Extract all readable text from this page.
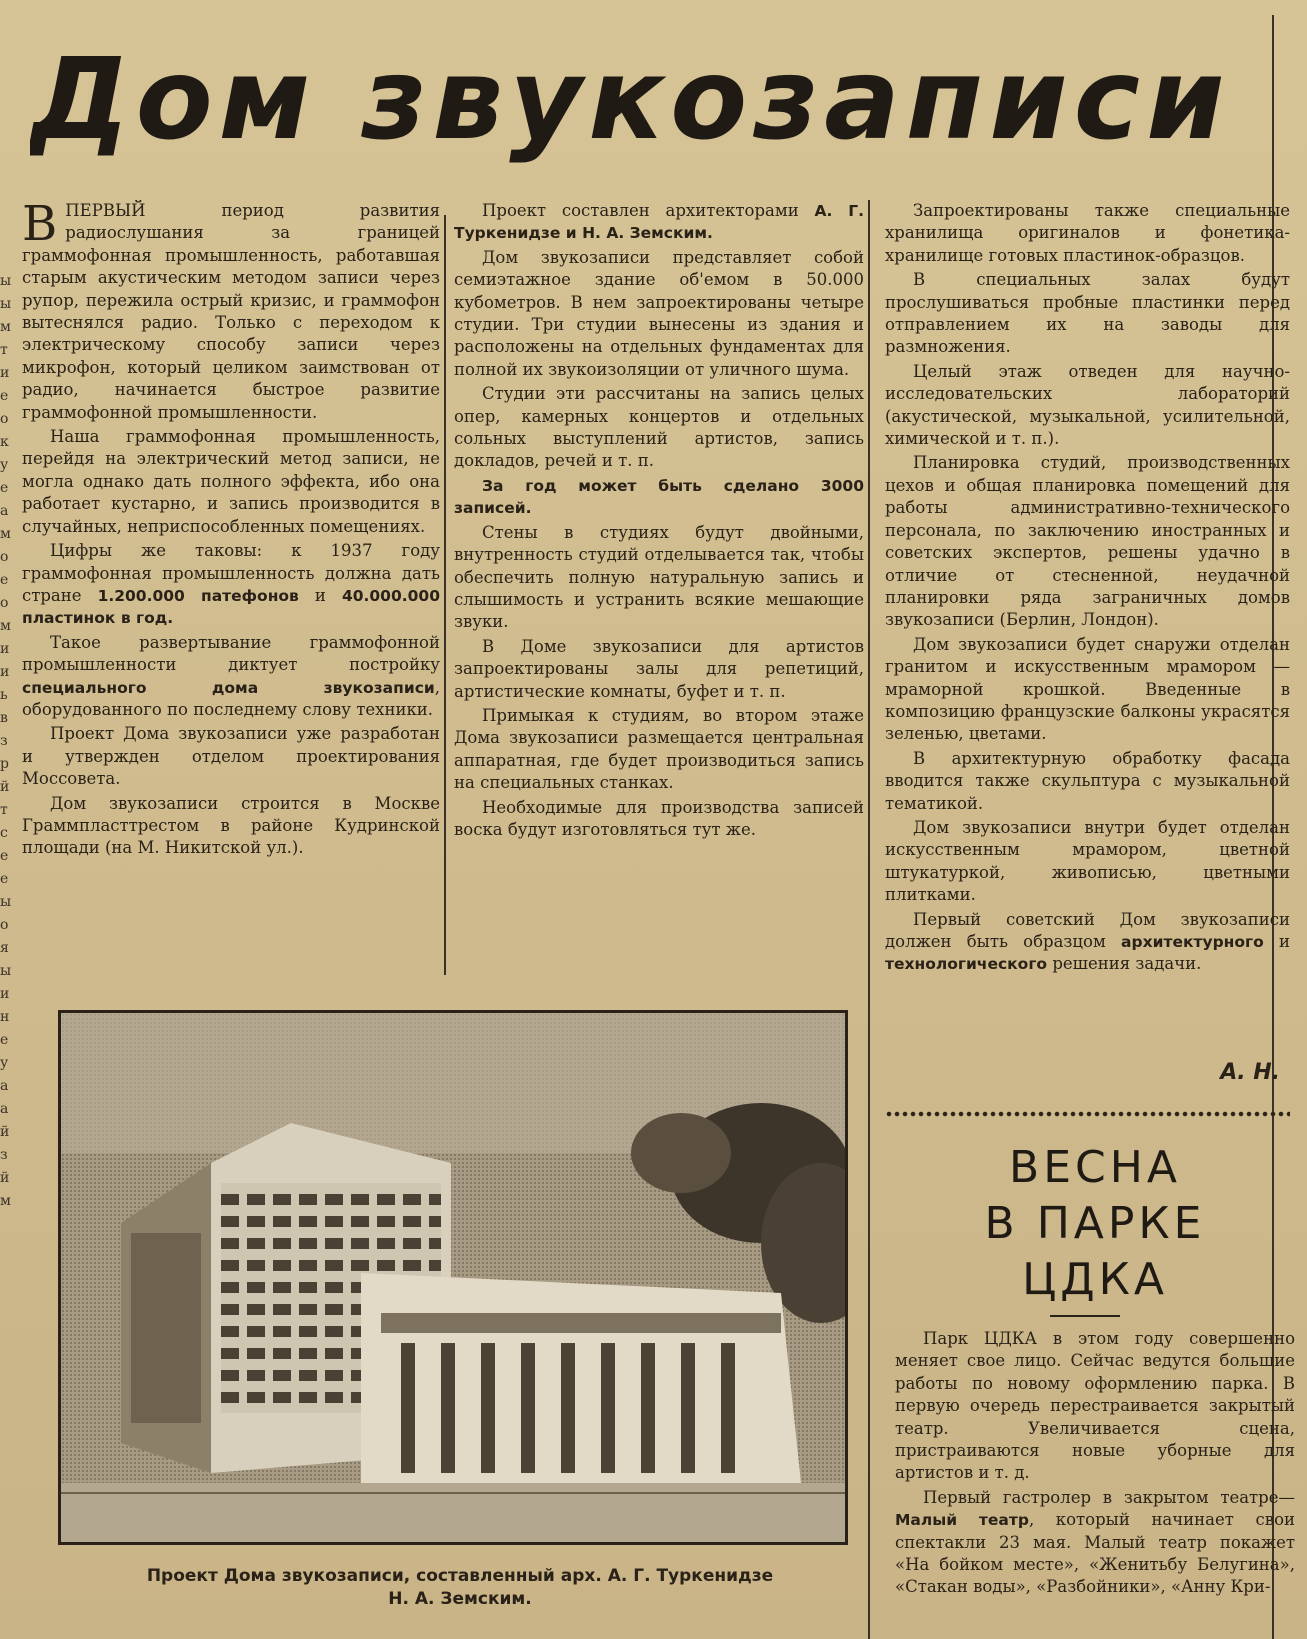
ы ы м т и е о к у е а м о е о м и и ь в з р й т с е е ы о я ы и н е у а а й з й м
Дом звукозаписи

ВПЕРВЫЙ период развития радиослушания за границей граммофонная промышленность, работавшая старым акустическим методом записи через рупор, пережила острый кризис, и граммофон вытеснялся радио. Только с переходом к электрическому способу записи через микрофон, который целиком заимствован от радио, начинается быстрое развитие граммофонной промышленности.

Наша граммофонная промышленность, перейдя на электрический метод записи, не могла однако дать полного эффекта, ибо она работает кустарно, и запись производится в случайных, неприспособленных помещениях.

Цифры же таковы: к 1937 году граммофонная промышленность должна дать стране 1.200.000 патефонов и 40.000.000 пластинок в год.

Такое развертывание граммофонной промышленности диктует постройку специального дома звукозаписи, оборудованного по последнему слову техники.

Проект Дома звукозаписи уже разработан и утвержден отделом проектирования Моссовета.

Дом звукозаписи строится в Москве Граммпласттрестом в районе Кудринской площади (на М. Никитской ул.).

Проект составлен архитекторами А. Г. Туркенидзе и Н. А. Земским.

Дом звукозаписи представляет собой семиэтажное здание об'емом в 50.000 кубометров. В нем запроектированы четыре студии. Три студии вынесены из здания и расположены на отдельных фундаментах для полной их звукоизоляции от уличного шума.

Студии эти рассчитаны на запись целых опер, камерных концертов и отдельных сольных выступлений артистов, запись докладов, речей и т. п.

За год может быть сделано 3000 записей.

Стены в студиях будут двойными, внутренность студий отделывается так, чтобы обеспечить полную натуральную запись и слышимость и устранить всякие мешающие звуки.

В Доме звукозаписи для артистов запроектированы залы для репетиций, артистические комнаты, буфет и т. п.

Примыкая к студиям, во втором этаже Дома звукозаписи размещается центральная аппаратная, где будет производиться запись на специальных станках.

Необходимые для производства записей воска будут изготовляться тут же.

Запроектированы также специальные хранилища оригиналов и фонетика-хранилище готовых пластинок-образцов.

В специальных залах будут прослушиваться пробные пластинки перед отправлением их на заводы для размножения.

Целый этаж отведен для научно-исследовательских лабораторий (акустической, музыкальной, усилительной, химической и т. п.).

Планировка студий, производственных цехов и общая планировка помещений для работы административно-технического персонала, по заключению иностранных и советских экспертов, решены удачно в отличие от стесненной, неудачной планировки ряда заграничных домов звукозаписи (Берлин, Лондон).

Дом звукозаписи будет снаружи отделан гранитом и искусственным мрамором — мраморной крошкой. Введенные в композицию французские балконы украсятся зеленью, цветами.

В архитектурную обработку фасада вводится также скульптура с музыкальной тематикой.

Дом звукозаписи внутри будет отделан искусственным мрамором, цветной штукатуркой, живописью, цветными плитками.

Первый советский Дом звукозаписи должен быть образцом архитектурного и технологического решения задачи.

А. Н.
ВЕСНА
В ПАРКЕ
ЦДКА

Парк ЦДКА в этом году совершенно меняет свое лицо. Сейчас ведутся большие работы по новому оформлению парка. В первую очередь перестраивается закрытый театр. Увеличивается сцена, пристраиваются новые уборные для артистов и т. д.

Первый гастролер в закрытом театре—Малый театр, который начинает свои спектакли 23 мая. Малый театр покажет «На бойком месте», «Женитьбу Белугина», «Стакан воды», «Разбойники», «Анну Кри-

Проект Дома звукозаписи, составленный арх. А. Г. Туркенидзе
Н. А. Земским.
